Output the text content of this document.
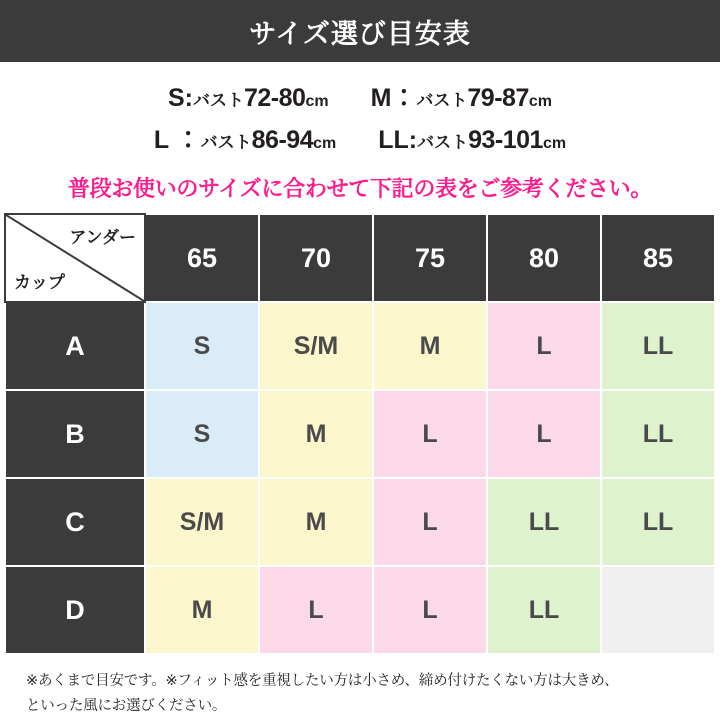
サイズ選び目安表
S:バスト72-80cm M：バスト79-87cm
L ：バスト86-94cm LL:バスト93-101cm
普段お使いのサイズに合わせて下記の表をご参考ください。
アンダー
カップ	65	70	75	80	85
A	S	S/M	M	L	LL
B	S	M	L	L	LL
C	S/M	M	L	LL	LL
D	M	L	L	LL	
※あくまで目安です。※フィット感を重視したい方は小さめ、締め付けたくない方は大きめ、
といった風にお選びください。
